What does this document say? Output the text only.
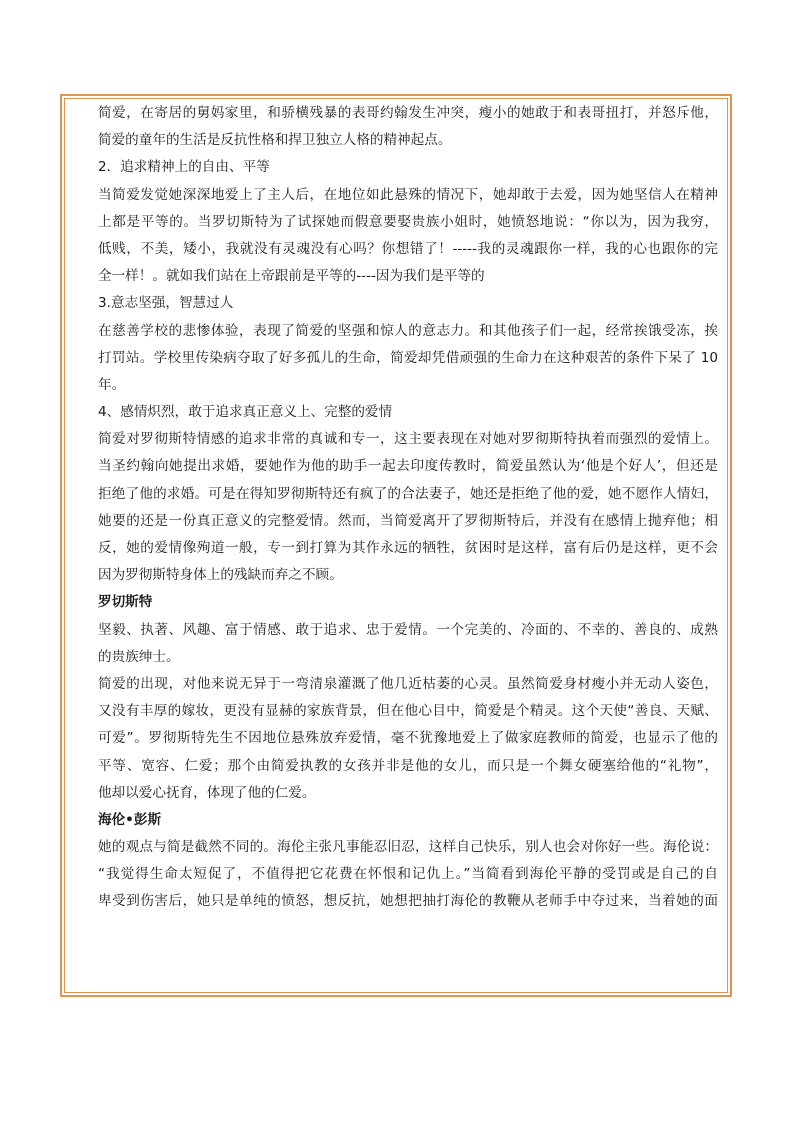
简爱，在寄居的舅妈家里，和骄横残暴的表哥约翰发生冲突，瘦小的她敢于和表哥扭打，并怒斥他，
简爱的童年的生活是反抗性格和捍卫独立人格的精神起点。
2．追求精神上的自由、平等
当简爱发觉她深深地爱上了主人后，在地位如此悬殊的情况下，她却敢于去爱，因为她坚信人在精神
上都是平等的。当罗切斯特为了试探她而假意要娶贵族小姐时，她愤怒地说：“你以为，因为我穷，
低贱，不美，矮小，我就没有灵魂没有心吗？你想错了！-----我的灵魂跟你一样，我的心也跟你的完
全一样！。就如我们站在上帝跟前是平等的----因为我们是平等的
3.意志坚强，智慧过人
在慈善学校的悲惨体验，表现了简爱的坚强和惊人的意志力。和其他孩子们一起，经常挨饿受冻，挨
打罚站。学校里传染病夺取了好多孤儿的生命，简爱却凭借顽强的生命力在这种艰苦的条件下呆了 10
年。
4、感情炽烈，敢于追求真正意义上、完整的爱情
简爱对罗彻斯特情感的追求非常的真诚和专一，这主要表现在对她对罗彻斯特执着而强烈的爱情上。
当圣约翰向她提出求婚，要她作为他的助手一起去印度传教时，简爱虽然认为‘他是个好人’，但还是
拒绝了他的求婚。可是在得知罗彻斯特还有疯了的合法妻子，她还是拒绝了他的爱，她不愿作人情妇，
她要的还是一份真正意义的完整爱情。然而，当简爱离开了罗彻斯特后，并没有在感情上抛弃他；相
反，她的爱情像殉道一般，专一到打算为其作永远的牺牲，贫困时是这样，富有后仍是这样，更不会
因为罗彻斯特身体上的残缺而弃之不顾。
罗切斯特
坚毅、执著、风趣、富于情感、敢于追求、忠于爱情。一个完美的、冷面的、不幸的、善良的、成熟
的贵族绅士。
简爱的出现，对他来说无异于一弯清泉灌溉了他几近枯萎的心灵。虽然简爱身材瘦小并无动人姿色，
又没有丰厚的嫁妆，更没有显赫的家族背景，但在他心目中，简爱是个精灵。这个天使“善良、天赋、
可爱”。罗彻斯特先生不因地位悬殊放弃爱情，毫不犹豫地爱上了做家庭教师的简爱，也显示了他的
平等、宽容、仁爱；那个由简爱执教的女孩并非是他的女儿，而只是一个舞女硬塞给他的“礼物”，
他却以爱心抚育，体现了他的仁爱。
海伦•彭斯
她的观点与简是截然不同的。海伦主张凡事能忍旧忍，这样自己快乐，别人也会对你好一些。海伦说：
“我觉得生命太短促了，不值得把它花费在怀恨和记仇上。”当简看到海伦平静的受罚或是自己的自
卑受到伤害后，她只是单纯的愤怒，想反抗，她想把抽打海伦的教鞭从老师手中夺过来，当着她的面
